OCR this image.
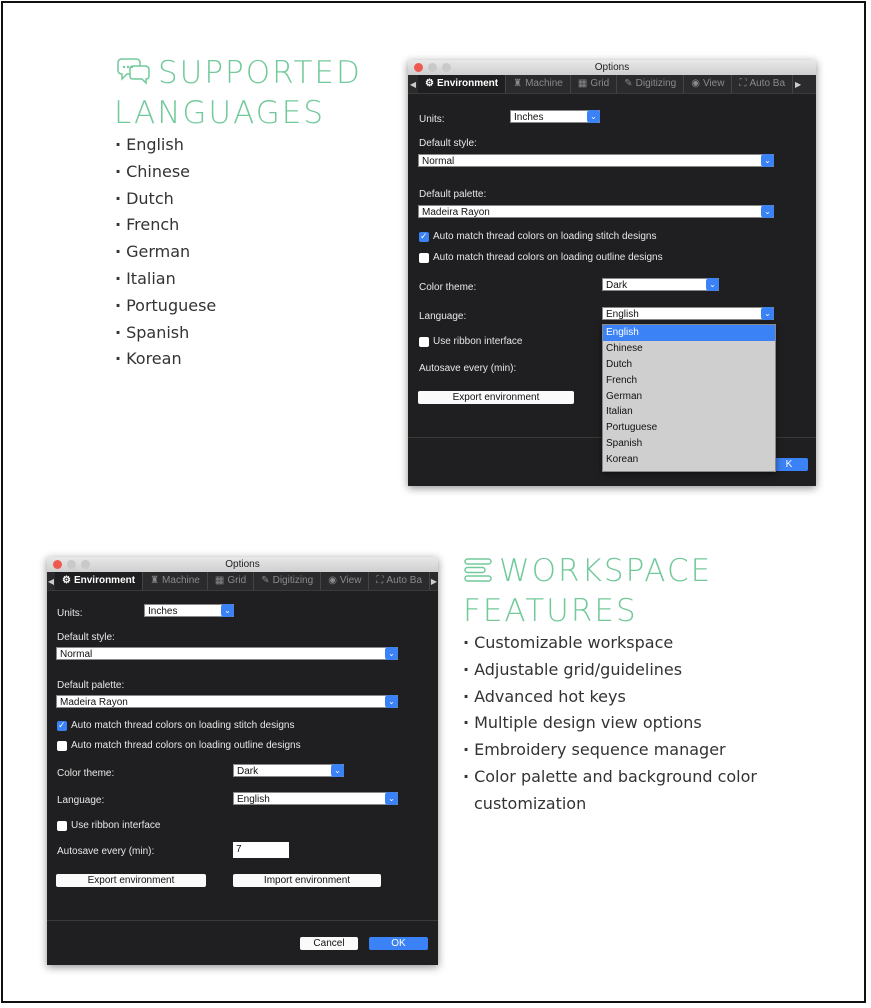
SUPPORTED
LANGUAGES
· English
· Chinese
· Dutch
· French
· German
· Italian
· Portuguese
· Spanish
· Korean
WORKSPACE
FEATURES
· Customizable workspace
· Adjustable grid/guidelines
· Advanced hot keys
· Multiple design view options
· Embroidery sequence manager
· Color palette and background color
customization
Options
◀ ⚙ Environment ♜ Machine ▦ Grid ✎ Digitizing ◉ View ⛶ Auto Ba ▶
Units:	Inches	⌄
Default style:
Normal	⌄
Default palette:
Madeira Rayon	⌄
✓
Auto match thread colors on loading stitch designs
Auto match thread colors on loading outline designs
Color theme:	Dark	⌄
Language:	English	⌄
Use ribbon interface
Autosave every (min):
Export environment
K
English
Chinese
Dutch
French
German
Italian
Portuguese
Spanish
Korean
Options
◀ ⚙ Environment ♜ Machine ▦ Grid ✎ Digitizing ◉ View ⛶ Auto Ba ▶
Units:	Inches	⌄
Default style:
Normal	⌄
Default palette:
Madeira Rayon	⌄
✓
Auto match thread colors on loading stitch designs
Auto match thread colors on loading outline designs
Color theme:	Dark	⌄
Language:	English	⌄
Use ribbon interface
Autosave every (min):	7
Export environment	Import environment
Cancel	OK
